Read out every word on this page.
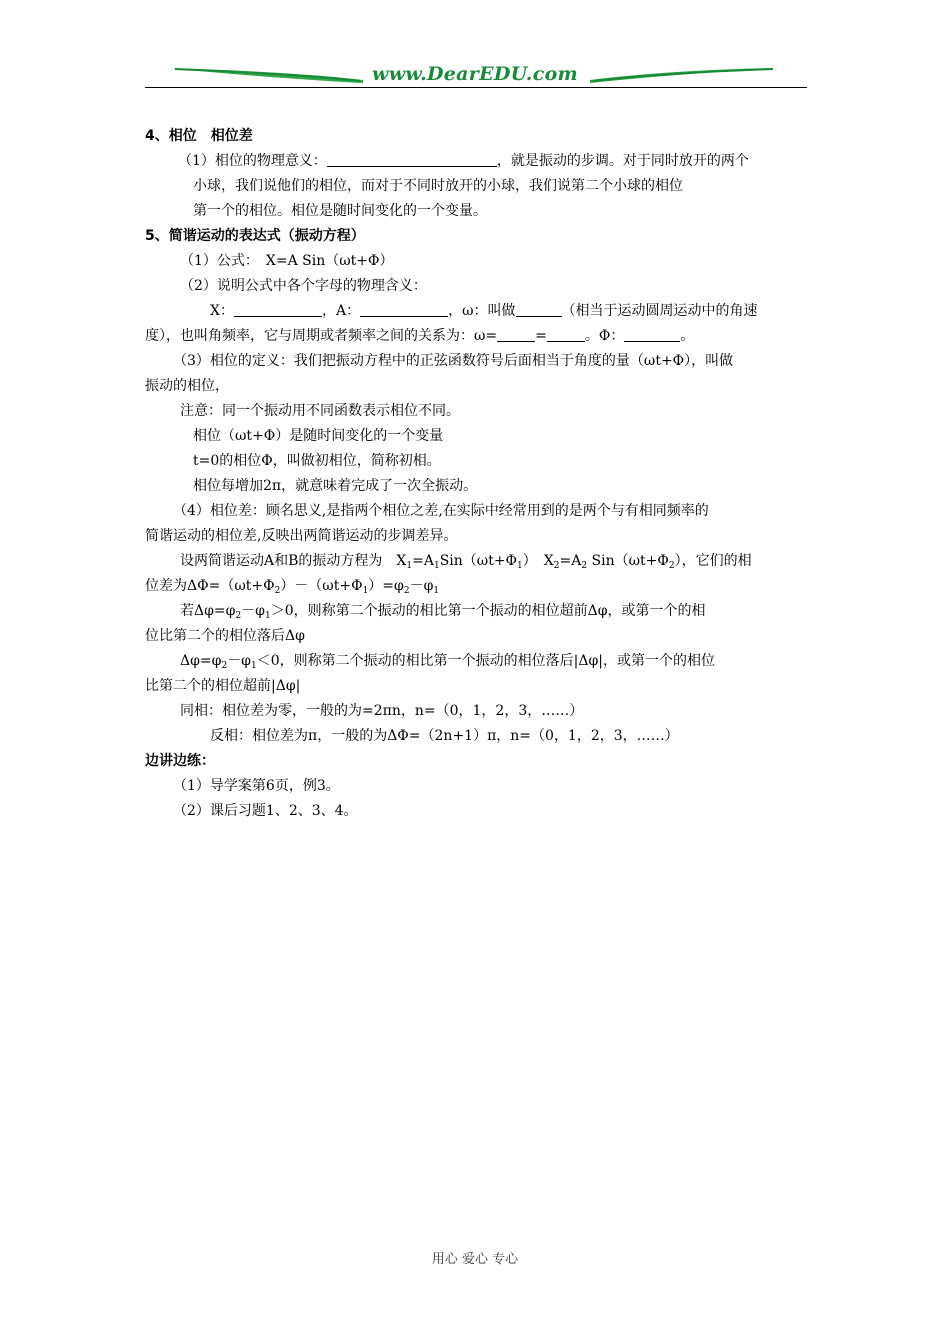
www.DearEDU.com
4、相位　相位差
（1）相位的物理意义：	，就是振动的步调。对于同时放开的两个
小球，我们说他们的相位，而对于不同时放开的小球，我们说第二个小球的相位
第一个的相位。相位是随时间变化的一个变量。
5、简谐运动的表达式（振动方程）
（1）公式：　X=A Sin（ωt+Φ）
（2）说明公式中各个字母的物理含义：
X：	，A：	，ω：叫做	（相当于运动圆周运动中的角速
度），也叫角频率，它与周期或者频率之间的关系为：ω=	=	。Φ：	。
（3）相位的定义：我们把振动方程中的正弦函数符号后面相当于角度的量（ωt+Φ），叫做
振动的相位，
注意：同一个振动用不同函数表示相位不同。
相位（ωt+Φ）是随时间变化的一个变量
t=0的相位Φ，叫做初相位，简称初相。
相位每增加2π，就意味着完成了一次全振动。
（4）相位差：顾名思义,是指两个相位之差,在实际中经常用到的是两个与有相同频率的
简谐运动的相位差,反映出两简谐运动的步调差异。
设两简谐运动A和B的振动方程为　$X_1=A_1Sin(\omega t+\Phi_1)$　$X_2=A_2$ $Sin(\omega t+\Phi_2)$，它们的相
位差为$\Delta\Phi=(\omega t+\Phi_2)-(\omega t+\Phi_1)=\varphi_2-\varphi_1$
若$\Delta\varphi=\varphi_2-\varphi_1>0$，则称第二个振动的相比第一个振动的相位超前Δφ，或第一个的相
位比第二个的相位落后Δφ
$\Delta\varphi=\varphi_2-\varphi_1<0$，则称第二个振动的相比第一个振动的相位落后|Δφ|，或第一个的相位
比第二个的相位超前|Δφ|
同相：相位差为零，一般的为=2πn，n=（0，1，2，3，……）
反相：相位差为π，一般的为ΔΦ=（2n+1）π，n=（0，1，2，3，……）
边讲边练：
（1）导学案第6页，例3。
（2）课后习题1、2、3、4。
用心 爱心 专心
